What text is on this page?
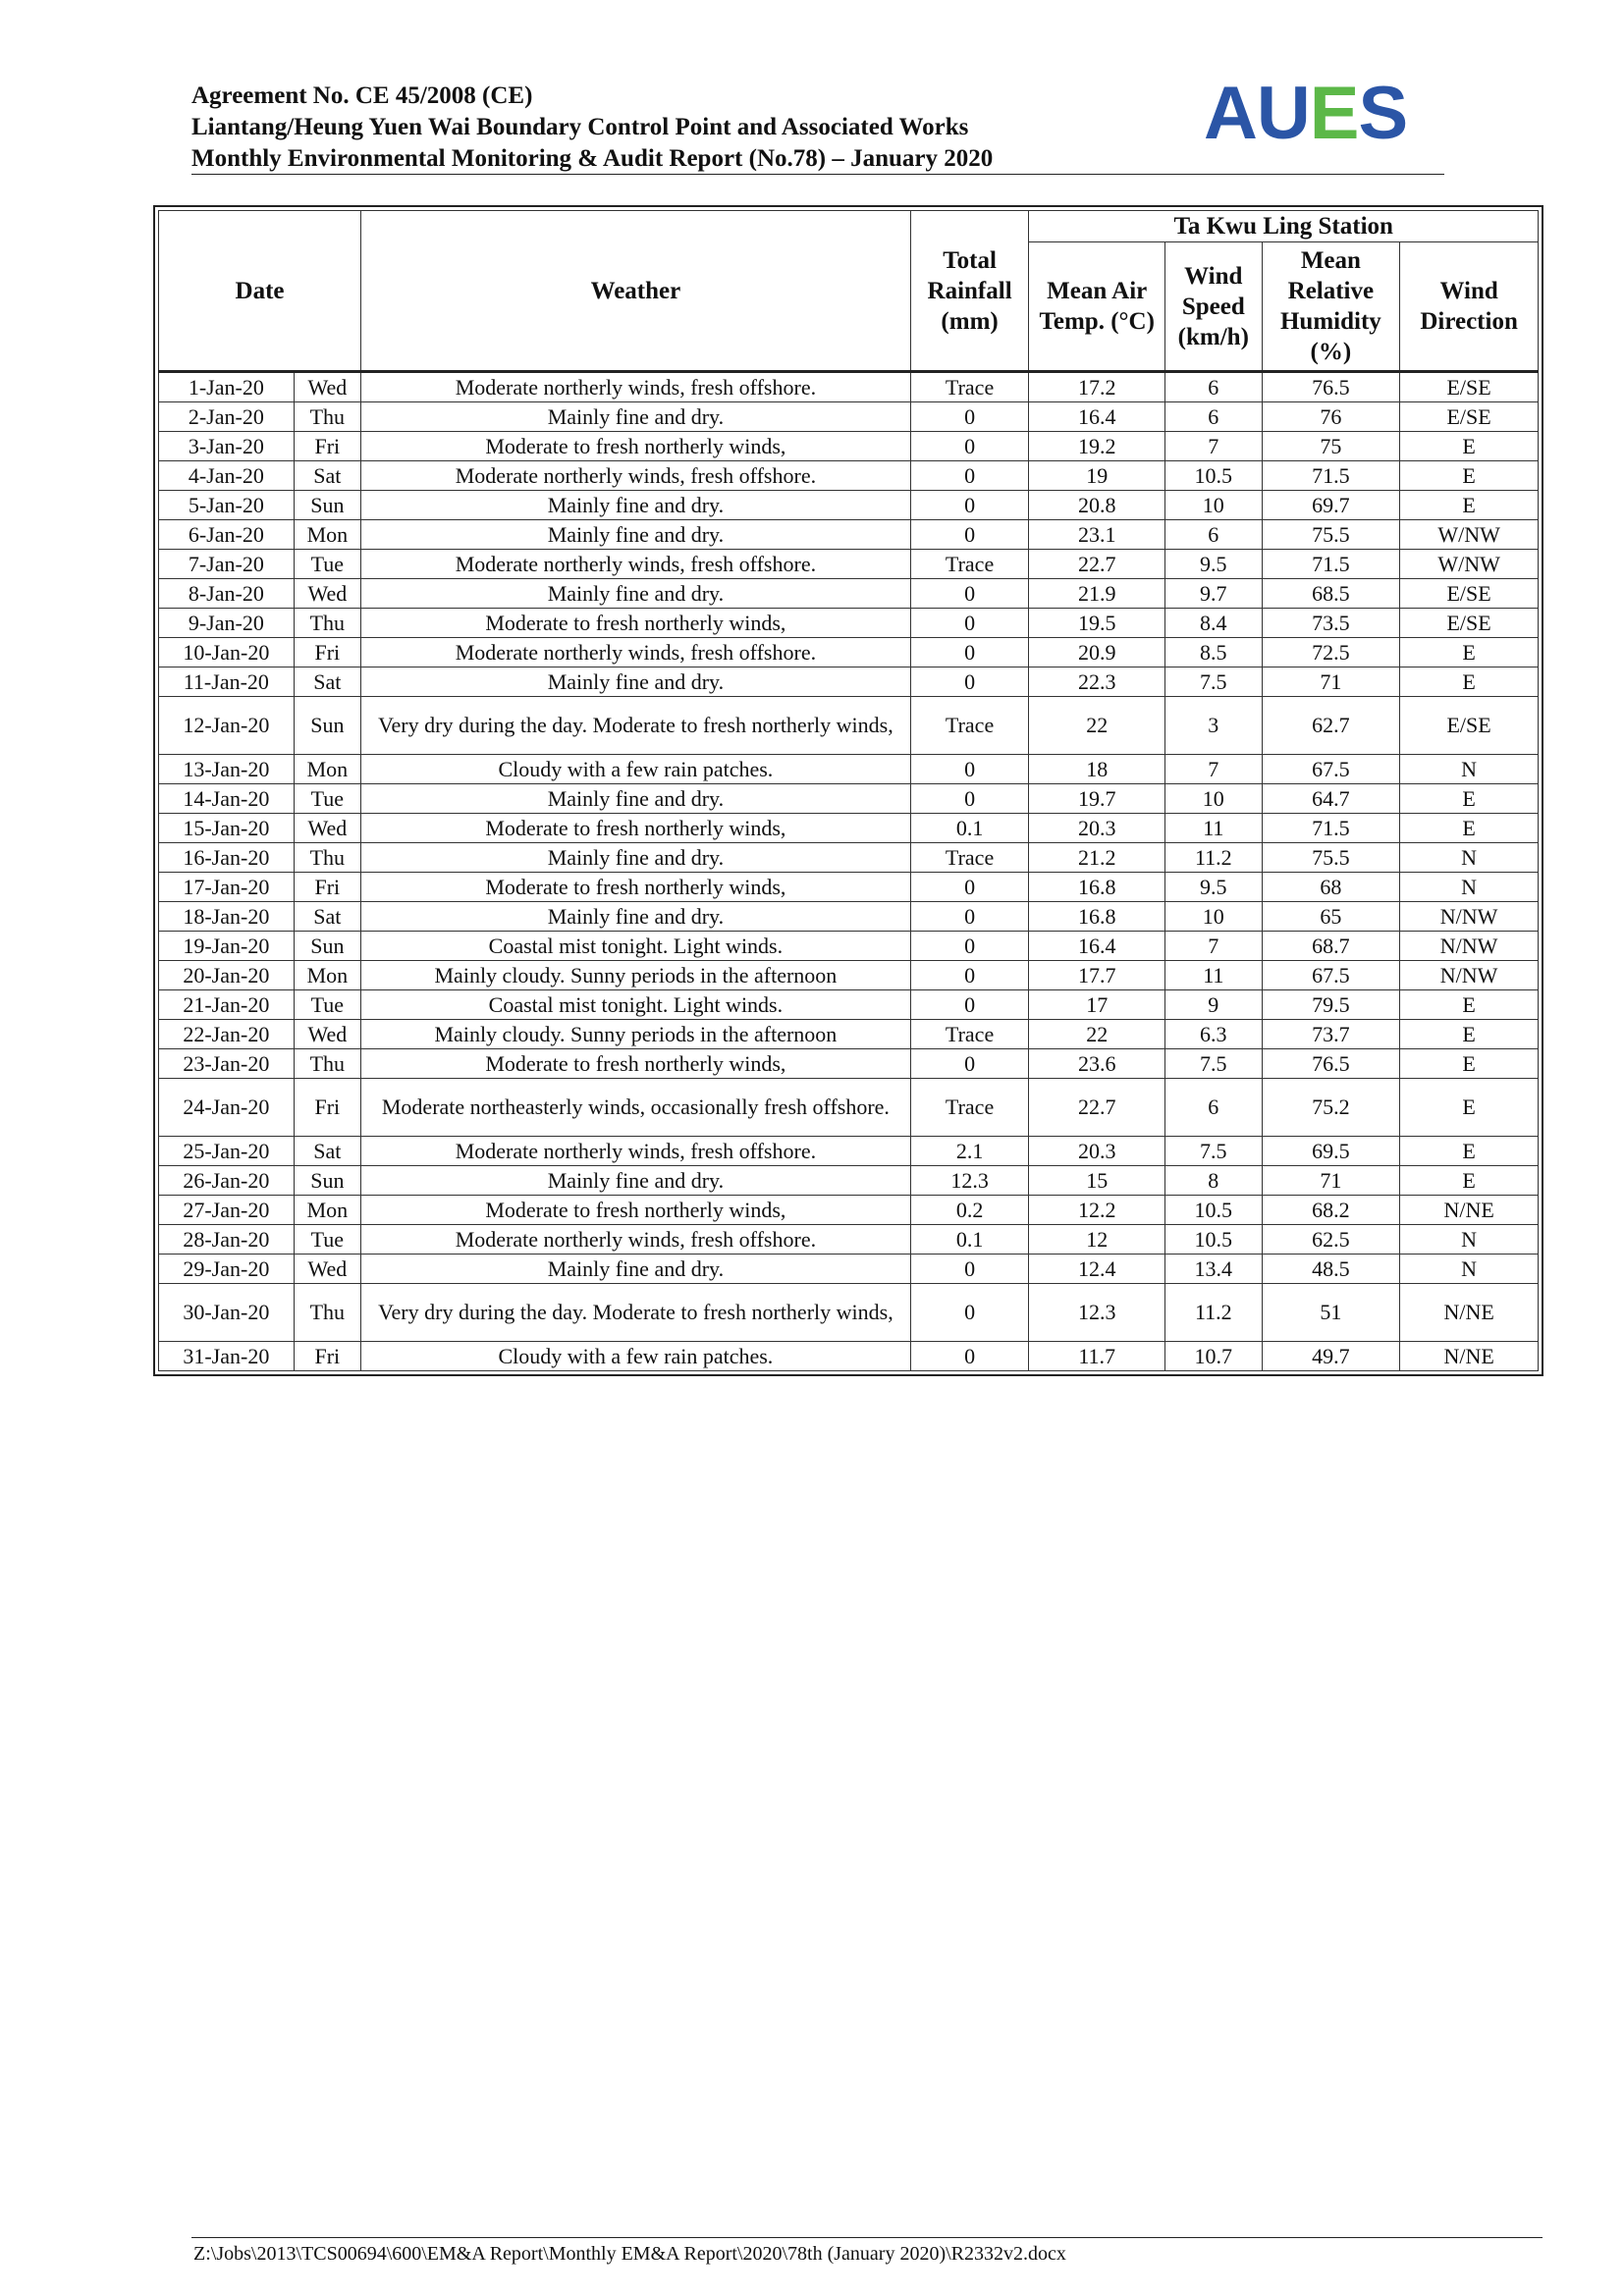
Agreement No. CE 45/2008 (CE)
Liantang/Heung Yuen Wai Boundary Control Point and Associated Works
Monthly Environmental Monitoring & Audit Report (No.78) – January 2020
AUES
Date		Weather	Total Rainfall (mm)	Ta Kwu Ling Station			
				Mean Air Temp. (°C)	Wind Speed (km/h)	Mean Relative Humidity (%)	Wind Direction
1-Jan-20	Wed	Moderate northerly winds, fresh offshore.	Trace	17.2	6	76.5	E/SE
2-Jan-20	Thu	Mainly fine and dry.	0	16.4	6	76	E/SE
3-Jan-20	Fri	Moderate to fresh northerly winds,	0	19.2	7	75	E
4-Jan-20	Sat	Moderate northerly winds, fresh offshore.	0	19	10.5	71.5	E
5-Jan-20	Sun	Mainly fine and dry.	0	20.8	10	69.7	E
6-Jan-20	Mon	Mainly fine and dry.	0	23.1	6	75.5	W/NW
7-Jan-20	Tue	Moderate northerly winds, fresh offshore.	Trace	22.7	9.5	71.5	W/NW
8-Jan-20	Wed	Mainly fine and dry.	0	21.9	9.7	68.5	E/SE
9-Jan-20	Thu	Moderate to fresh northerly winds,	0	19.5	8.4	73.5	E/SE
10-Jan-20	Fri	Moderate northerly winds, fresh offshore.	0	20.9	8.5	72.5	E
11-Jan-20	Sat	Mainly fine and dry.	0	22.3	7.5	71	E
12-Jan-20	Sun	Very dry during the day. Moderate to fresh northerly winds,	Trace	22	3	62.7	E/SE
13-Jan-20	Mon	Cloudy with a few rain patches.	0	18	7	67.5	N
14-Jan-20	Tue	Mainly fine and dry.	0	19.7	10	64.7	E
15-Jan-20	Wed	Moderate to fresh northerly winds,	0.1	20.3	11	71.5	E
16-Jan-20	Thu	Mainly fine and dry.	Trace	21.2	11.2	75.5	N
17-Jan-20	Fri	Moderate to fresh northerly winds,	0	16.8	9.5	68	N
18-Jan-20	Sat	Mainly fine and dry.	0	16.8	10	65	N/NW
19-Jan-20	Sun	Coastal mist tonight. Light winds.	0	16.4	7	68.7	N/NW
20-Jan-20	Mon	Mainly cloudy. Sunny periods in the afternoon	0	17.7	11	67.5	N/NW
21-Jan-20	Tue	Coastal mist tonight. Light winds.	0	17	9	79.5	E
22-Jan-20	Wed	Mainly cloudy. Sunny periods in the afternoon	Trace	22	6.3	73.7	E
23-Jan-20	Thu	Moderate to fresh northerly winds,	0	23.6	7.5	76.5	E
24-Jan-20	Fri	Moderate northeasterly winds, occasionally fresh offshore.	Trace	22.7	6	75.2	E
25-Jan-20	Sat	Moderate northerly winds, fresh offshore.	2.1	20.3	7.5	69.5	E
26-Jan-20	Sun	Mainly fine and dry.	12.3	15	8	71	E
27-Jan-20	Mon	Moderate to fresh northerly winds,	0.2	12.2	10.5	68.2	N/NE
28-Jan-20	Tue	Moderate northerly winds, fresh offshore.	0.1	12	10.5	62.5	N
29-Jan-20	Wed	Mainly fine and dry.	0	12.4	13.4	48.5	N
30-Jan-20	Thu	Very dry during the day. Moderate to fresh northerly winds,	0	12.3	11.2	51	N/NE
31-Jan-20	Fri	Cloudy with a few rain patches.	0	11.7	10.7	49.7	N/NE
Z:\Jobs\2013\TCS00694\600\EM&A Report\Monthly EM&A Report\2020\78th (January 2020)\R2332v2.docx
